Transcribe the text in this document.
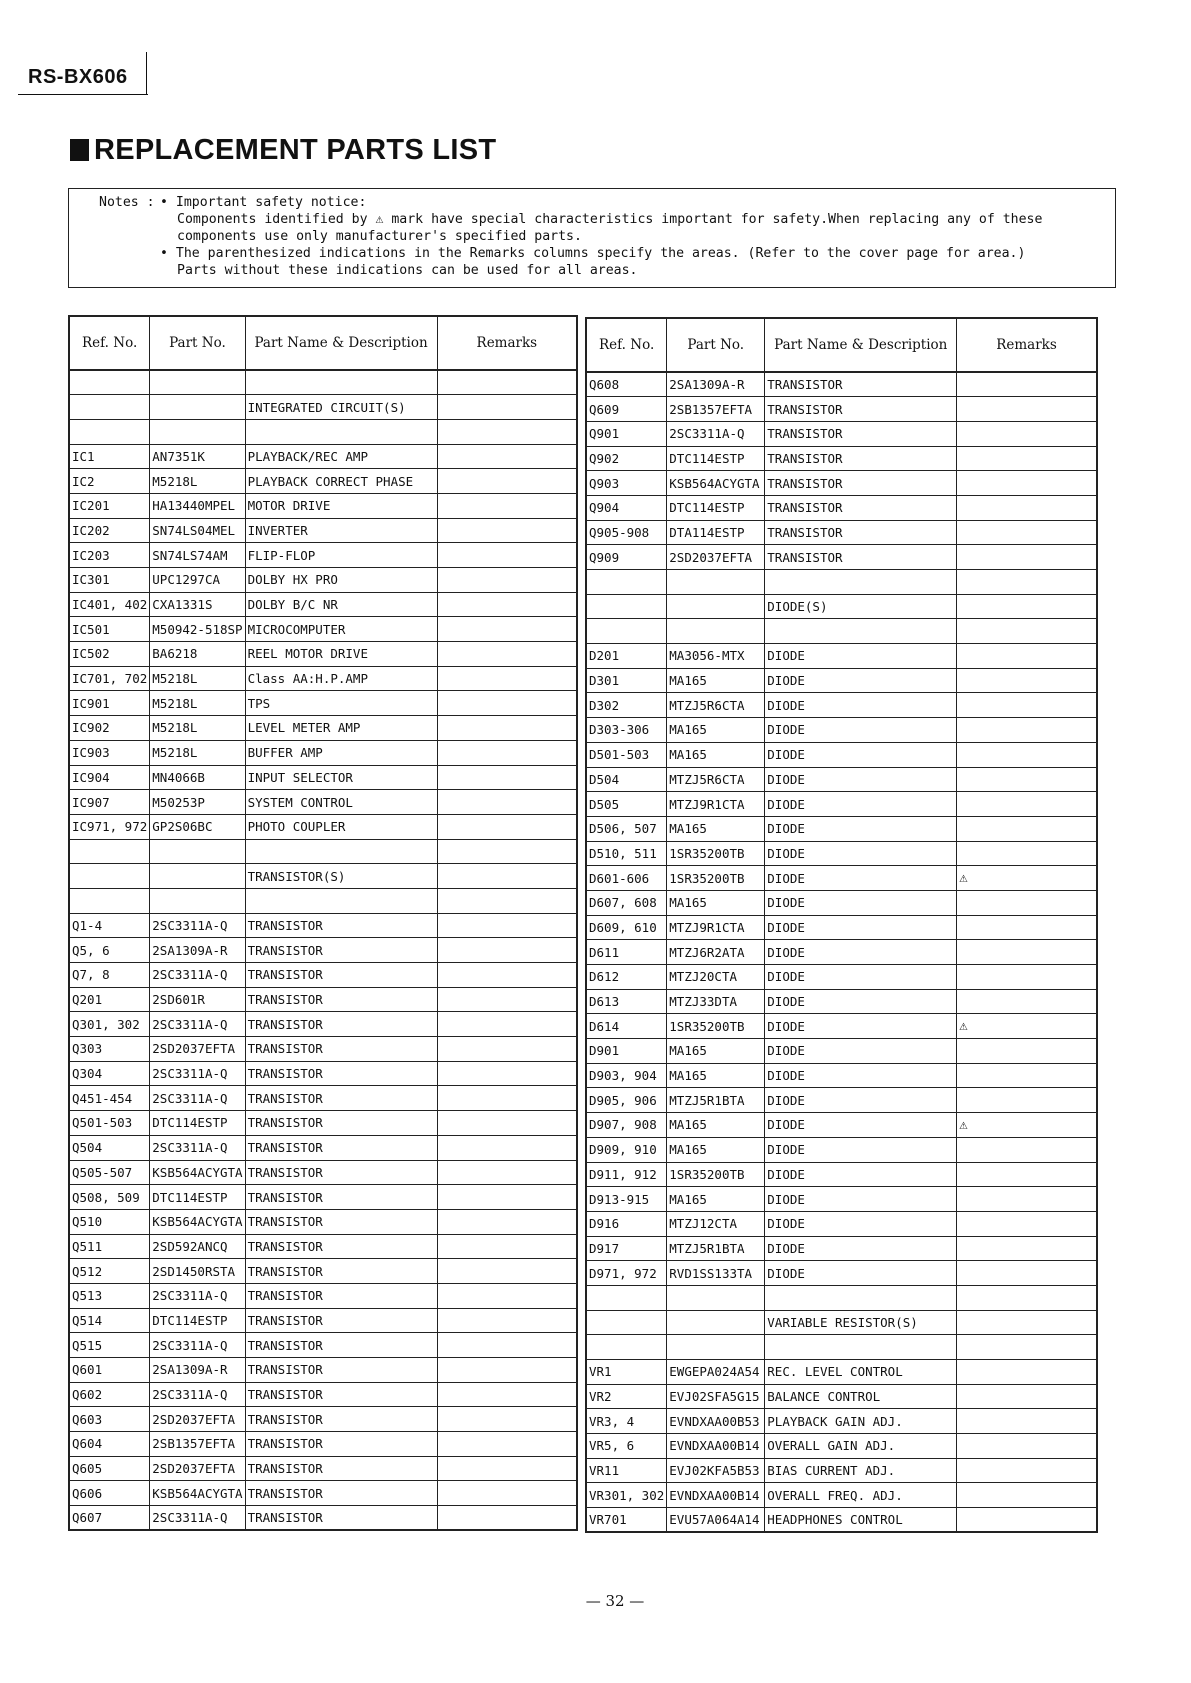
RS-BX606
REPLACEMENT PARTS LIST
Notes : • Important safety notice:
Components identified by ⚠ mark have special characteristics important for safety.When replacing any of these
components use only manufacturer's specified parts.
• The parenthesized indications in the Remarks columns specify the areas. (Refer to the cover page for area.)
Parts without these indications can be used for all areas.
Ref. No.	Part No.	Part Name & Description	Remarks

		INTEGRATED CIRCUIT(S)	

IC1	AN7351K	PLAYBACK/REC AMP	
IC2	M5218L	PLAYBACK CORRECT PHASE	
IC201	HA13440MPEL	MOTOR DRIVE	
IC202	SN74LS04MEL	INVERTER	
IC203	SN74LS74AM	FLIP-FLOP	
IC301	UPC1297CA	DOLBY HX PRO	
IC401, 402	CXA1331S	DOLBY B/C NR	
IC501	M50942-518SP	MICROCOMPUTER	
IC502	BA6218	REEL MOTOR DRIVE	
IC701, 702	M5218L	Class AA:H.P.AMP	
IC901	M5218L	TPS	
IC902	M5218L	LEVEL METER AMP	
IC903	M5218L	BUFFER AMP	
IC904	MN4066B	INPUT SELECTOR	
IC907	M50253P	SYSTEM CONTROL	
IC971, 972	GP2S06BC	PHOTO COUPLER	

		TRANSISTOR(S)	

Q1-4	2SC3311A-Q	TRANSISTOR	
Q5, 6	2SA1309A-R	TRANSISTOR	
Q7, 8	2SC3311A-Q	TRANSISTOR	
Q201	2SD601R	TRANSISTOR	
Q301, 302	2SC3311A-Q	TRANSISTOR	
Q303	2SD2037EFTA	TRANSISTOR	
Q304	2SC3311A-Q	TRANSISTOR	
Q451-454	2SC3311A-Q	TRANSISTOR	
Q501-503	DTC114ESTP	TRANSISTOR	
Q504	2SC3311A-Q	TRANSISTOR	
Q505-507	KSB564ACYGTA	TRANSISTOR	
Q508, 509	DTC114ESTP	TRANSISTOR	
Q510	KSB564ACYGTA	TRANSISTOR	
Q511	2SD592ANCQ	TRANSISTOR	
Q512	2SD1450RSTA	TRANSISTOR	
Q513	2SC3311A-Q	TRANSISTOR	
Q514	DTC114ESTP	TRANSISTOR	
Q515	2SC3311A-Q	TRANSISTOR	
Q601	2SA1309A-R	TRANSISTOR	
Q602	2SC3311A-Q	TRANSISTOR	
Q603	2SD2037EFTA	TRANSISTOR	
Q604	2SB1357EFTA	TRANSISTOR	
Q605	2SD2037EFTA	TRANSISTOR	
Q606	KSB564ACYGTA	TRANSISTOR	
Q607	2SC3311A-Q	TRANSISTOR	
Ref. No.	Part No.	Part Name & Description	Remarks
Q608	2SA1309A-R	TRANSISTOR	
Q609	2SB1357EFTA	TRANSISTOR	
Q901	2SC3311A-Q	TRANSISTOR	
Q902	DTC114ESTP	TRANSISTOR	
Q903	KSB564ACYGTA	TRANSISTOR	
Q904	DTC114ESTP	TRANSISTOR	
Q905-908	DTA114ESTP	TRANSISTOR	
Q909	2SD2037EFTA	TRANSISTOR	

		DIODE(S)	

D201	MA3056-MTX	DIODE	
D301	MA165	DIODE	
D302	MTZJ5R6CTA	DIODE	
D303-306	MA165	DIODE	
D501-503	MA165	DIODE	
D504	MTZJ5R6CTA	DIODE	
D505	MTZJ9R1CTA	DIODE	
D506, 507	MA165	DIODE	
D510, 511	1SR35200TB	DIODE	
D601-606	1SR35200TB	DIODE	⚠
D607, 608	MA165	DIODE	
D609, 610	MTZJ9R1CTA	DIODE	
D611	MTZJ6R2ATA	DIODE	
D612	MTZJ20CTA	DIODE	
D613	MTZJ33DTA	DIODE	
D614	1SR35200TB	DIODE	⚠
D901	MA165	DIODE	
D903, 904	MA165	DIODE	
D905, 906	MTZJ5R1BTA	DIODE	
D907, 908	MA165	DIODE	⚠
D909, 910	MA165	DIODE	
D911, 912	1SR35200TB	DIODE	
D913-915	MA165	DIODE	
D916	MTZJ12CTA	DIODE	
D917	MTZJ5R1BTA	DIODE	
D971, 972	RVD1SS133TA	DIODE	

		VARIABLE RESISTOR(S)	

VR1	EWGEPA024A54	REC. LEVEL CONTROL	
VR2	EVJ02SFA5G15	BALANCE CONTROL	
VR3, 4	EVNDXAA00B53	PLAYBACK GAIN ADJ.	
VR5, 6	EVNDXAA00B14	OVERALL GAIN ADJ.	
VR11	EVJ02KFA5B53	BIAS CURRENT ADJ.	
VR301, 302	EVNDXAA00B14	OVERALL FREQ. ADJ.	
VR701	EVU57A064A14	HEADPHONES CONTROL	
— 32 —
